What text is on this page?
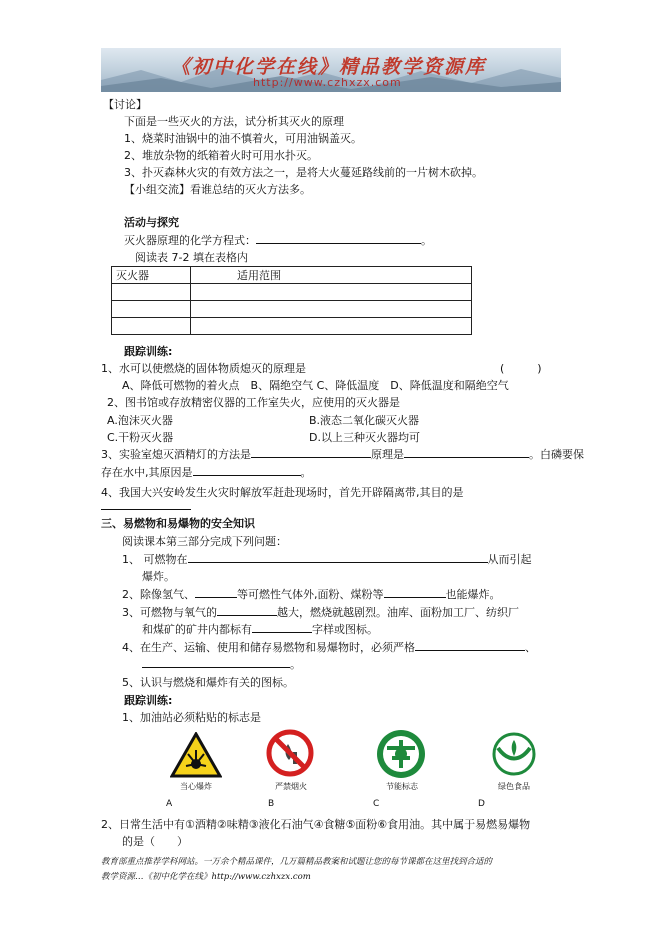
《初中化学在线》精品教学资源库
http://www.czhxzx.com
【讨论】
下面是一些灭火的方法，试分析其灭火的原理
1、烧菜时油锅中的油不慎着火，可用油锅盖灭。
2、堆放杂物的纸箱着火时可用水扑灭。
3、扑灭森林火灾的有效方法之一，是将大火蔓延路线前的一片树木砍掉。
【小组交流】看谁总结的灭火方法多。
活动与探究
灭火器原理的化学方程式：	。
阅读表 7-2 填在表格内
灭火器	适用范围

跟踪训练:
1、水可以使燃烧的固体物质熄灭的原理是	(　　　)
A、降低可燃物的着火点　B、隔绝空气 C、降低温度　D、降低温度和隔绝空气
2、图书馆或存放精密仪器的工作室失火，应使用的灭火器是
A.泡沫灭火器	B.液态二氧化碳灭火器
C.干粉灭火器	D.以上三种灭火器均可
3、实验室熄灭酒精灯的方法是	原理是	。白磷要保
存在水中,其原因是	。
4、我国大兴安岭发生火灾时解放军赶赴现场时，首先开辟隔离带,其目的是
三、易燃物和易爆物的安全知识
阅读课本第三部分完成下列问题：
1、 可燃物在	从而引起
爆炸。
2、除像氢气、	等可燃性气体外,面粉、煤粉等	也能爆炸。
3、可燃物与氧气的	越大，燃烧就越剧烈。油库、面粉加工厂、纺织厂
和煤矿的矿井内都标有	字样或图标。
4、在生产、运输、使用和储存易燃物和易爆物时，必须严格	、
。
5、认识与燃烧和爆炸有关的图标。
跟踪训练:
1、加油站必须粘贴的标志是
当心爆炸
A
严禁烟火
B
节能标志
C
绿色食品
D
2、日常生活中有①酒精②味精③液化石油气④食糖⑤面粉⑥食用油。其中属于易燃易爆物
的是（　　）
教育部重点推荐学科网站。一万余个精品课件，几万篇精品教案和试题让您的每节课都在这里找到合适的
教学资源…《初中化学在线》http://www.czhxzx.com
